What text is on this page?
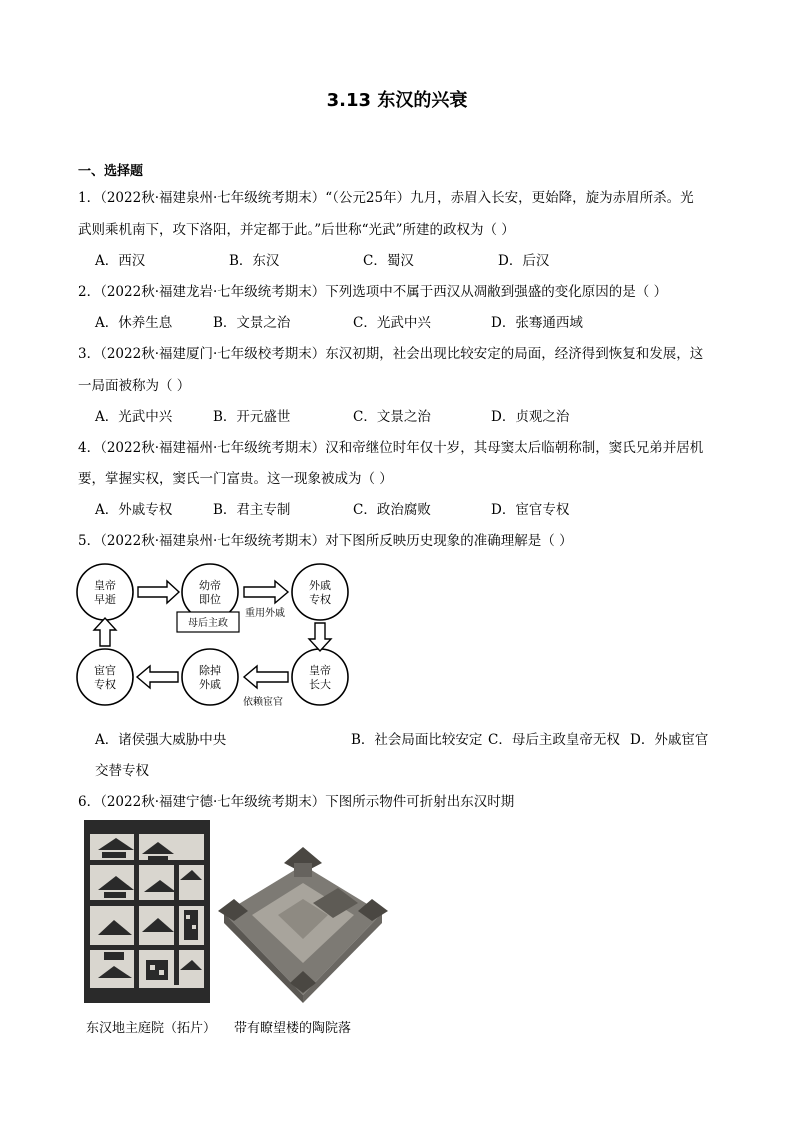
3.13 东汉的兴衰
一、选择题
1．（2022秋·福建泉州·七年级统考期末）“（公元25年）九月，赤眉入长安，更始降，旋为赤眉所杀。光
武则乘机南下，攻下洛阳，并定都于此。”后世称“光武”所建的政权为（ ）
A．西汉	B．东汉	C．蜀汉	D．后汉
2．（2022秋·福建龙岩·七年级统考期末）下列选项中不属于西汉从凋敝到强盛的变化原因的是（ ）
A．休养生息	B．文景之治	C．光武中兴	D．张骞通西域
3．（2022秋·福建厦门·七年级校考期末）东汉初期，社会出现比较安定的局面，经济得到恢复和发展，这
一局面被称为（ ）
A．光武中兴	B．开元盛世	C．文景之治	D．贞观之治
4．（2022秋·福建福州·七年级统考期末）汉和帝继位时年仅十岁，其母窦太后临朝称制，窦氏兄弟并居机
要，掌握实权，窦氏一门富贵。这一现象被成为（ ）
A．外戚专权	B．君主专制	C．政治腐败	D．宦官专权
5．（2022秋·福建泉州·七年级统考期末）对下图所反映历史现象的准确理解是（ ）
皇帝
早逝
幼帝
即位
外戚
专权
皇帝
长大
除掉
外戚
宦官
专权
母后主政
重用外戚
依赖宦官
A．诸侯强大威胁中央	B．社会局面比较安定 C．母后主政皇帝无权 D．外戚宦官
交替专权
6．（2022秋·福建宁德·七年级统考期末）下图所示物件可折射出东汉时期
东汉地主庭院（拓片） 带有瞭望楼的陶院落
